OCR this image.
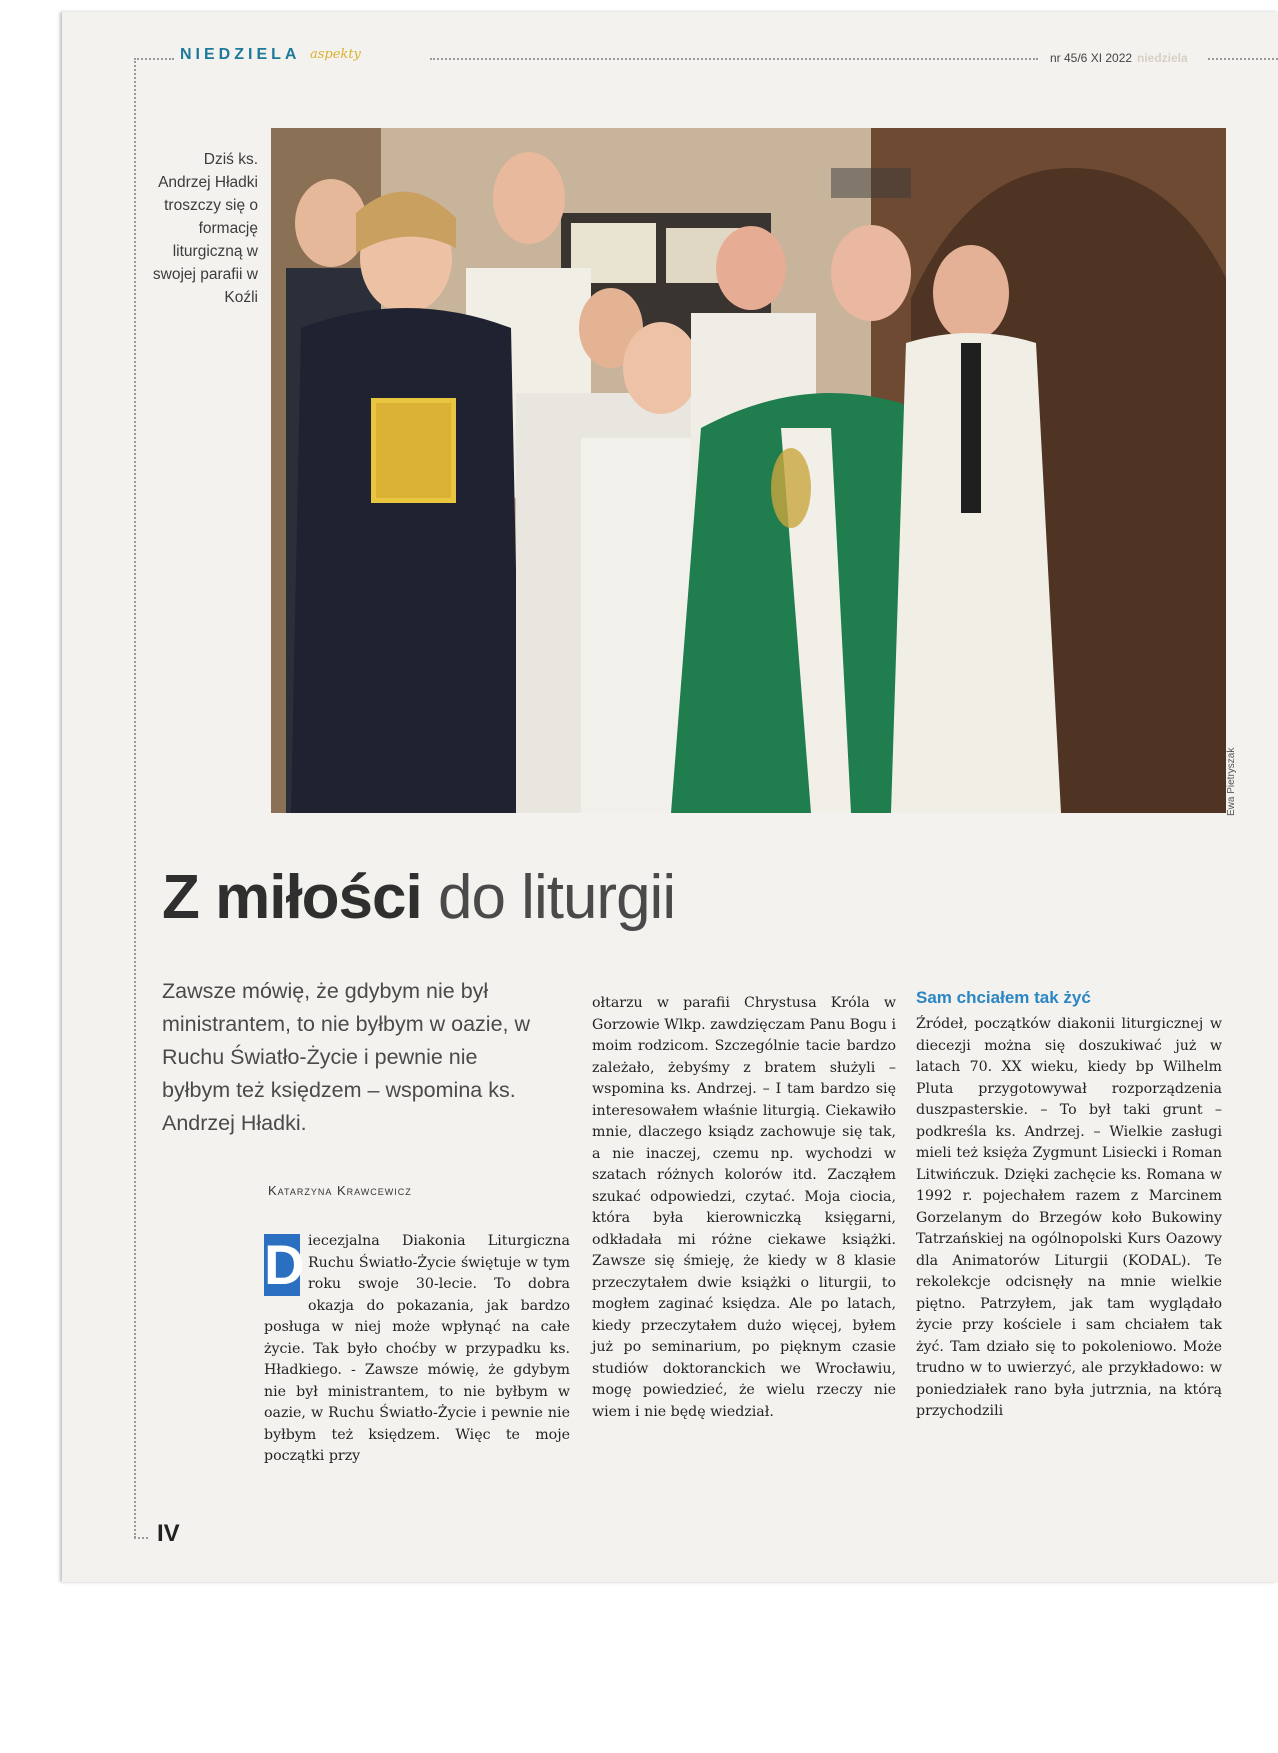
NIEDZIELA aspekty	nr 45/6 XI 2022 niedziela
Dziś ks. Andrzej Hładki troszczy się o formację liturgiczną w swojej parafii w Koźli
Ewa Pietryszak
Z miłości do liturgii
Zawsze mówię, że gdybym nie był ministrantem, to nie byłbym w oazie, w Ruchu Światło-Życie i pewnie nie byłbym też księdzem – wspomina ks. Andrzej Hładki.
Katarzyna Krawcewicz
D iecezjalna Diakonia Liturgiczna Ruchu Światło-Życie świętuje w tym roku swoje 30-lecie. To dobra okazja do pokazania, jak bardzo posługa w niej może wpłynąć na całe życie. Tak było choćby w przypadku ks. Hładkiego. - Zawsze mówię, że gdybym nie był ministrantem, to nie byłbym w oazie, w Ruchu Światło-Życie i pewnie nie byłbym też księdzem. Więc te moje początki przy

ołtarzu w parafii Chrystusa Króla w Gorzowie Wlkp. zawdzięczam Panu Bogu i moim rodzicom. Szczególnie tacie bardzo zależało, żebyśmy z bratem służyli – wspomina ks. Andrzej. – I tam bardzo się interesowałem właśnie liturgią. Ciekawiło mnie, dlaczego ksiądz zachowuje się tak, a nie inaczej, czemu np. wychodzi w szatach różnych kolorów itd. Zacząłem szukać odpowiedzi, czytać. Moja ciocia, która była kierowniczką księgarni, odkładała mi różne ciekawe książki. Zawsze się śmieję, że kiedy w 8 klasie przeczytałem dwie książki o liturgii, to mogłem zaginać księdza. Ale po latach, kiedy przeczytałem dużo więcej, byłem już po seminarium, po pięknym czasie studiów doktoranckich we Wrocławiu, mogę powiedzieć, że wielu rzeczy nie wiem i nie będę wiedział.

Sam chciałem tak żyć

Źródeł, początków diakonii liturgicznej w diecezji można się doszukiwać już w latach 70. XX wieku, kiedy bp Wilhelm Pluta przygotowywał rozporządzenia duszpasterskie. – To był taki grunt – podkreśla ks. Andrzej. – Wielkie zasługi mieli też księża Zygmunt Lisiecki i Roman Litwińczuk. Dzięki zachęcie ks. Romana w 1992 r. pojechałem razem z Marcinem Gorzelanym do Brzegów koło Bukowiny Tatrzańskiej na ogólnopolski Kurs Oazowy dla Animatorów Liturgii (KODAL). Te rekolekcje odcisnęły na mnie wielkie piętno. Patrzyłem, jak tam wyglądało życie przy kościele i sam chciałem tak żyć. Tam działo się to pokoleniowo. Może trudno w to uwierzyć, ale przykładowo: w poniedziałek rano była jutrznia, na którą przychodzili

IV
